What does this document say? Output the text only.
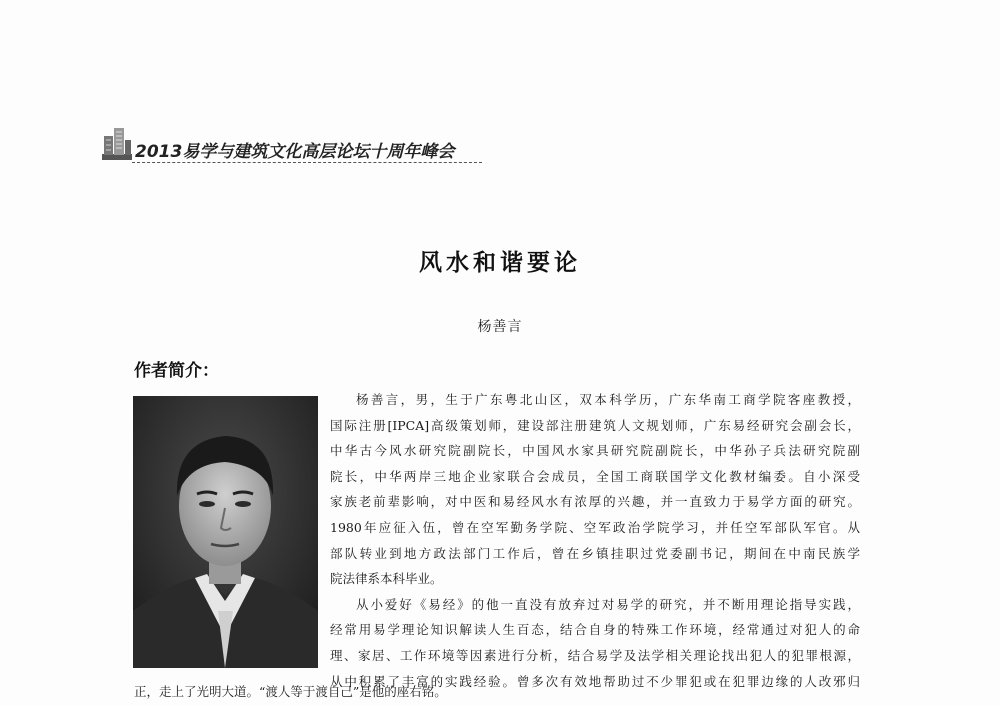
2013易学与建筑文化高层论坛十周年峰会
风水和谐要论
杨善言
作者简介：
杨善言，男，生于广东粤北山区，双本科学历，广东华南工商学院客座教授，
国际注册[IPCA]高级策划师，建设部注册建筑人文规划师，广东易经研究会副会长，
中华古今风水研究院副院长，中国风水家具研究院副院长，中华孙子兵法研究院副
院长，中华两岸三地企业家联合会成员，全国工商联国学文化教材编委。自小深受
家族老前辈影响，对中医和易经风水有浓厚的兴趣，并一直致力于易学方面的研究。
1980年应征入伍，曾在空军勤务学院、空军政治学院学习，并任空军部队军官。从
部队转业到地方政法部门工作后，曾在乡镇挂职过党委副书记，期间在中南民族学
院法律系本科毕业。
从小爱好《易经》的他一直没有放弃过对易学的研究，并不断用理论指导实践，
经常用易学理论知识解读人生百态，结合自身的特殊工作环境，经常通过对犯人的命
理、家居、工作环境等因素进行分析，结合易学及法学相关理论找出犯人的犯罪根源，
从中积累了丰富的实践经验。曾多次有效地帮助过不少罪犯或在犯罪边缘的人改邪归
正，走上了光明大道。“渡人等于渡自己”是他的座右铭。
